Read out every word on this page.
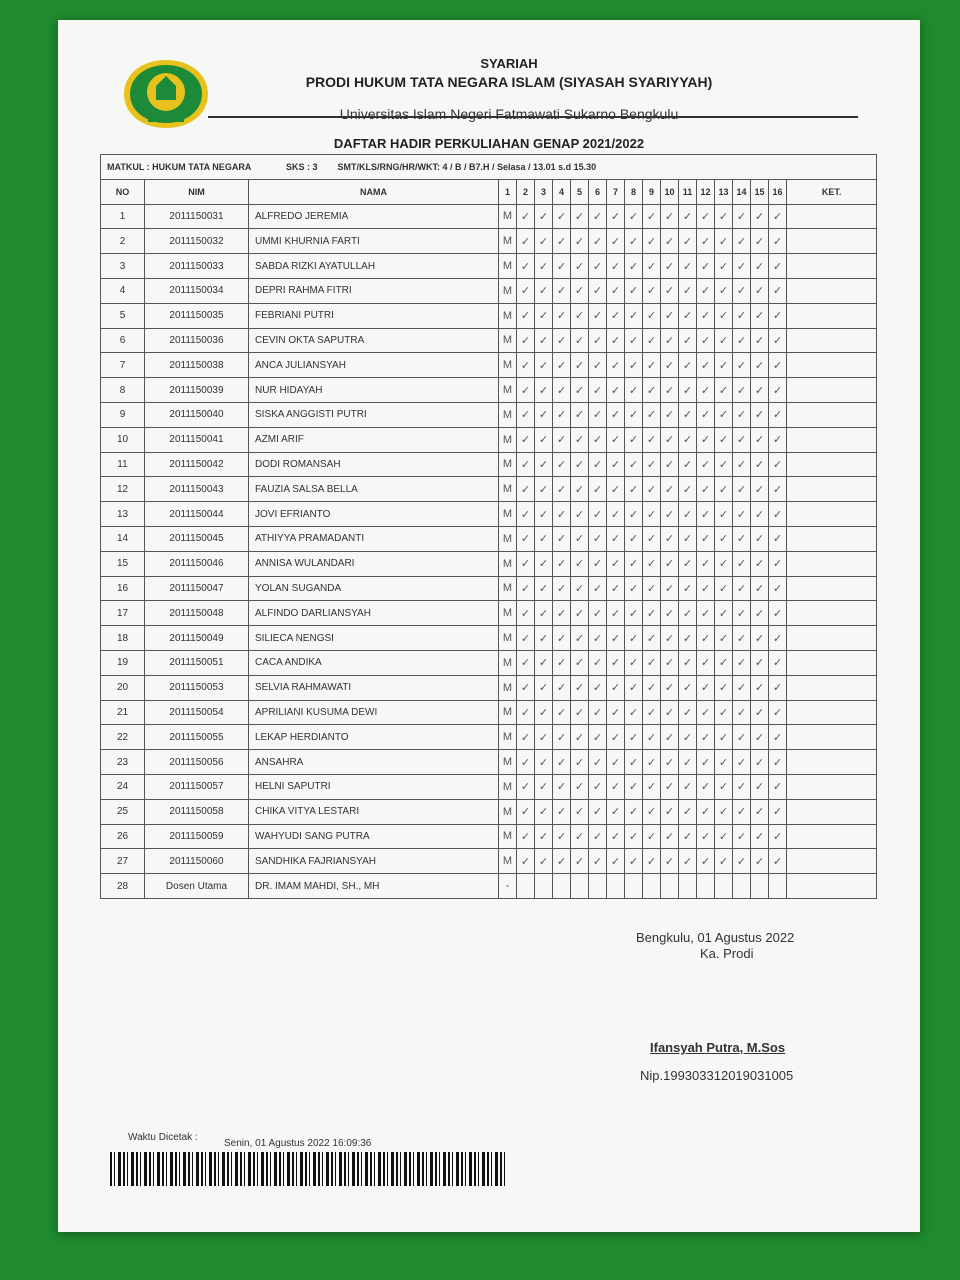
SYARIAH
PRODI HUKUM TATA NEGARA ISLAM (SIYASAH SYARIYYAH)
Universitas Islam Negeri Fatmawati Sukarno Bengkulu
DAFTAR HADIR PERKULIAHAN GENAP 2021/2022
MATKUL : HUKUM TATA NEGARA SKS : 3 SMT/KLS/RNG/HR/WKT: 4 / B / B7.H / Selasa / 13.01 s.d 15.30																			
NO	NIM	NAMA	1	2	3	4	5	6	7	8	9	10	11	12	13	14	15	16	KET.
1	2011150031	ALFREDO JEREMIA	M	✓	✓	✓	✓	✓	✓	✓	✓	✓	✓	✓	✓	✓	✓	✓	
2	2011150032	UMMI KHURNIA FARTI	M	✓	✓	✓	✓	✓	✓	✓	✓	✓	✓	✓	✓	✓	✓	✓	
3	2011150033	SABDA RIZKI AYATULLAH	M	✓	✓	✓	✓	✓	✓	✓	✓	✓	✓	✓	✓	✓	✓	✓	
4	2011150034	DEPRI RAHMA FITRI	M	✓	✓	✓	✓	✓	✓	✓	✓	✓	✓	✓	✓	✓	✓	✓	
5	2011150035	FEBRIANI PUTRI	M	✓	✓	✓	✓	✓	✓	✓	✓	✓	✓	✓	✓	✓	✓	✓	
6	2011150036	CEVIN OKTA SAPUTRA	M	✓	✓	✓	✓	✓	✓	✓	✓	✓	✓	✓	✓	✓	✓	✓	
7	2011150038	ANCA JULIANSYAH	M	✓	✓	✓	✓	✓	✓	✓	✓	✓	✓	✓	✓	✓	✓	✓	
8	2011150039	NUR HIDAYAH	M	✓	✓	✓	✓	✓	✓	✓	✓	✓	✓	✓	✓	✓	✓	✓	
9	2011150040	SISKA ANGGISTI PUTRI	M	✓	✓	✓	✓	✓	✓	✓	✓	✓	✓	✓	✓	✓	✓	✓	
10	2011150041	AZMI ARIF	M	✓	✓	✓	✓	✓	✓	✓	✓	✓	✓	✓	✓	✓	✓	✓	
11	2011150042	DODI ROMANSAH	M	✓	✓	✓	✓	✓	✓	✓	✓	✓	✓	✓	✓	✓	✓	✓	
12	2011150043	FAUZIA SALSA BELLA	M	✓	✓	✓	✓	✓	✓	✓	✓	✓	✓	✓	✓	✓	✓	✓	
13	2011150044	JOVI EFRIANTO	M	✓	✓	✓	✓	✓	✓	✓	✓	✓	✓	✓	✓	✓	✓	✓	
14	2011150045	ATHIYYA PRAMADANTI	M	✓	✓	✓	✓	✓	✓	✓	✓	✓	✓	✓	✓	✓	✓	✓	
15	2011150046	ANNISA WULANDARI	M	✓	✓	✓	✓	✓	✓	✓	✓	✓	✓	✓	✓	✓	✓	✓	
16	2011150047	YOLAN SUGANDA	M	✓	✓	✓	✓	✓	✓	✓	✓	✓	✓	✓	✓	✓	✓	✓	
17	2011150048	ALFINDO DARLIANSYAH	M	✓	✓	✓	✓	✓	✓	✓	✓	✓	✓	✓	✓	✓	✓	✓	
18	2011150049	SILIECA NENGSI	M	✓	✓	✓	✓	✓	✓	✓	✓	✓	✓	✓	✓	✓	✓	✓	
19	2011150051	CACA ANDIKA	M	✓	✓	✓	✓	✓	✓	✓	✓	✓	✓	✓	✓	✓	✓	✓	
20	2011150053	SELVIA RAHMAWATI	M	✓	✓	✓	✓	✓	✓	✓	✓	✓	✓	✓	✓	✓	✓	✓	
21	2011150054	APRILIANI KUSUMA DEWI	M	✓	✓	✓	✓	✓	✓	✓	✓	✓	✓	✓	✓	✓	✓	✓	
22	2011150055	LEKAP HERDIANTO	M	✓	✓	✓	✓	✓	✓	✓	✓	✓	✓	✓	✓	✓	✓	✓	
23	2011150056	ANSAHRA	M	✓	✓	✓	✓	✓	✓	✓	✓	✓	✓	✓	✓	✓	✓	✓	
24	2011150057	HELNI SAPUTRI	M	✓	✓	✓	✓	✓	✓	✓	✓	✓	✓	✓	✓	✓	✓	✓	
25	2011150058	CHIKA VITYA LESTARI	M	✓	✓	✓	✓	✓	✓	✓	✓	✓	✓	✓	✓	✓	✓	✓	
26	2011150059	WAHYUDI SANG PUTRA	M	✓	✓	✓	✓	✓	✓	✓	✓	✓	✓	✓	✓	✓	✓	✓	
27	2011150060	SANDHIKA FAJRIANSYAH	M	✓	✓	✓	✓	✓	✓	✓	✓	✓	✓	✓	✓	✓	✓	✓	
28	Dosen Utama	DR. IMAM MAHDI, SH., MH	-																
Bengkulu, 01 Agustus 2022
Ka. Prodi
Ifansyah Putra, M.Sos
Nip.199303312019031005
Waktu Dicetak :
Senin, 01 Agustus 2022 16:09:36
